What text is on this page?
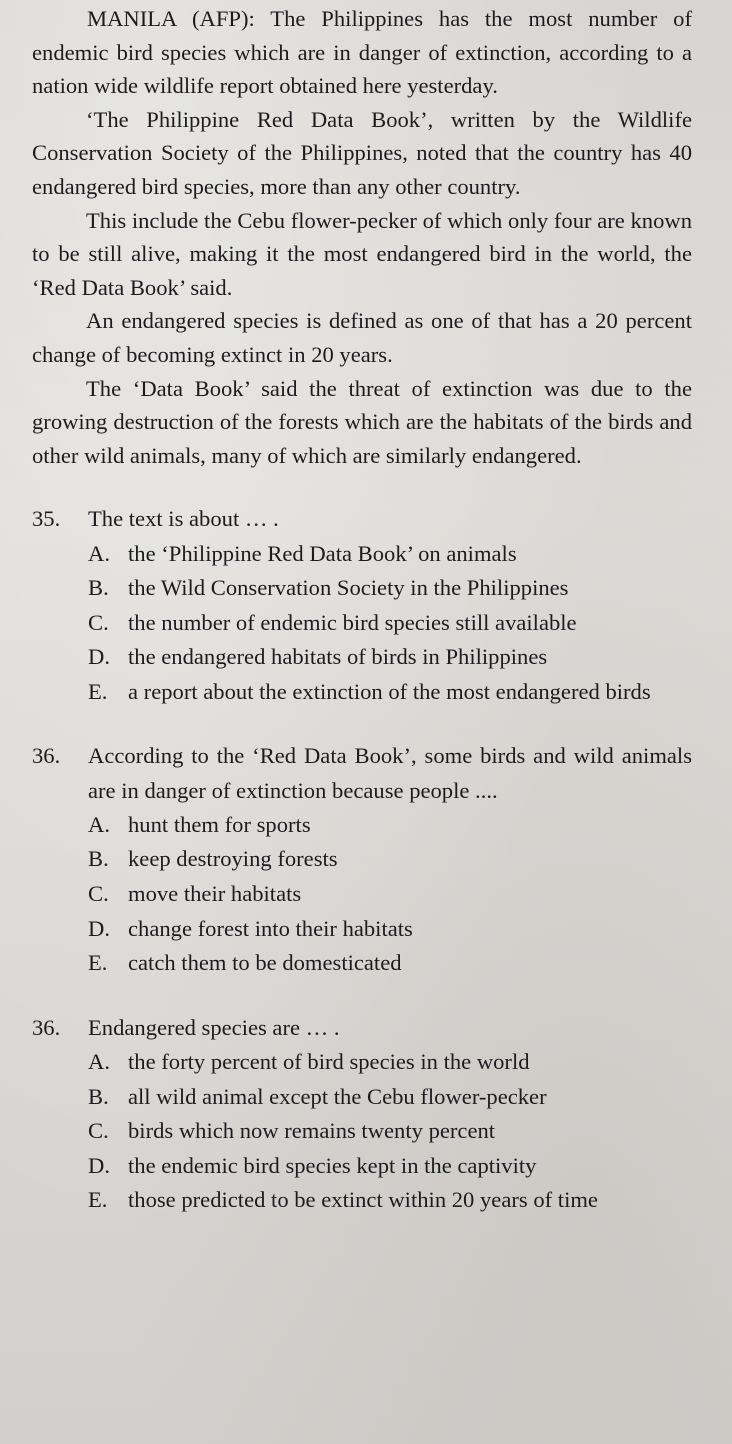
MANILA (AFP): The Philippines has the most number of endemic bird species which are in danger of extinction, according to a nation wide wildlife report obtained here yesterday.

‘The Philippine Red Data Book’, written by the Wildlife Conservation Society of the Philippines, noted that the country has 40 endangered bird species, more than any other country.

This include the Cebu flower-pecker of which only four are known to be still alive, making it the most endangered bird in the world, the ‘Red Data Book’ said.

An endangered species is defined as one of that has a 20 percent change of becoming extinct in 20 years.

The ‘Data Book’ said the threat of extinction was due to the growing destruction of the forests which are the habitats of the birds and other wild animals, many of which are similarly endangered.

35.	The text is about … .
A. the ‘Philippine Red Data Book’ on animals
B. the Wild Conservation Society in the Philippines
C. the number of endemic bird species still available
D. the endangered habitats of birds in Philippines
E. a report about the extinction of the most endangered birds
36.	According to the ‘Red Data Book’, some birds and wild animals are in danger of extinction because people ....
A. hunt them for sports
B. keep destroying forests
C. move their habitats
D. change forest into their habitats
E. catch them to be domesticated
36.	Endangered species are … .
A. the forty percent of bird species in the world
B. all wild animal except the Cebu flower-pecker
C. birds which now remains twenty percent
D. the endemic bird species kept in the captivity
E. those predicted to be extinct within 20 years of time
